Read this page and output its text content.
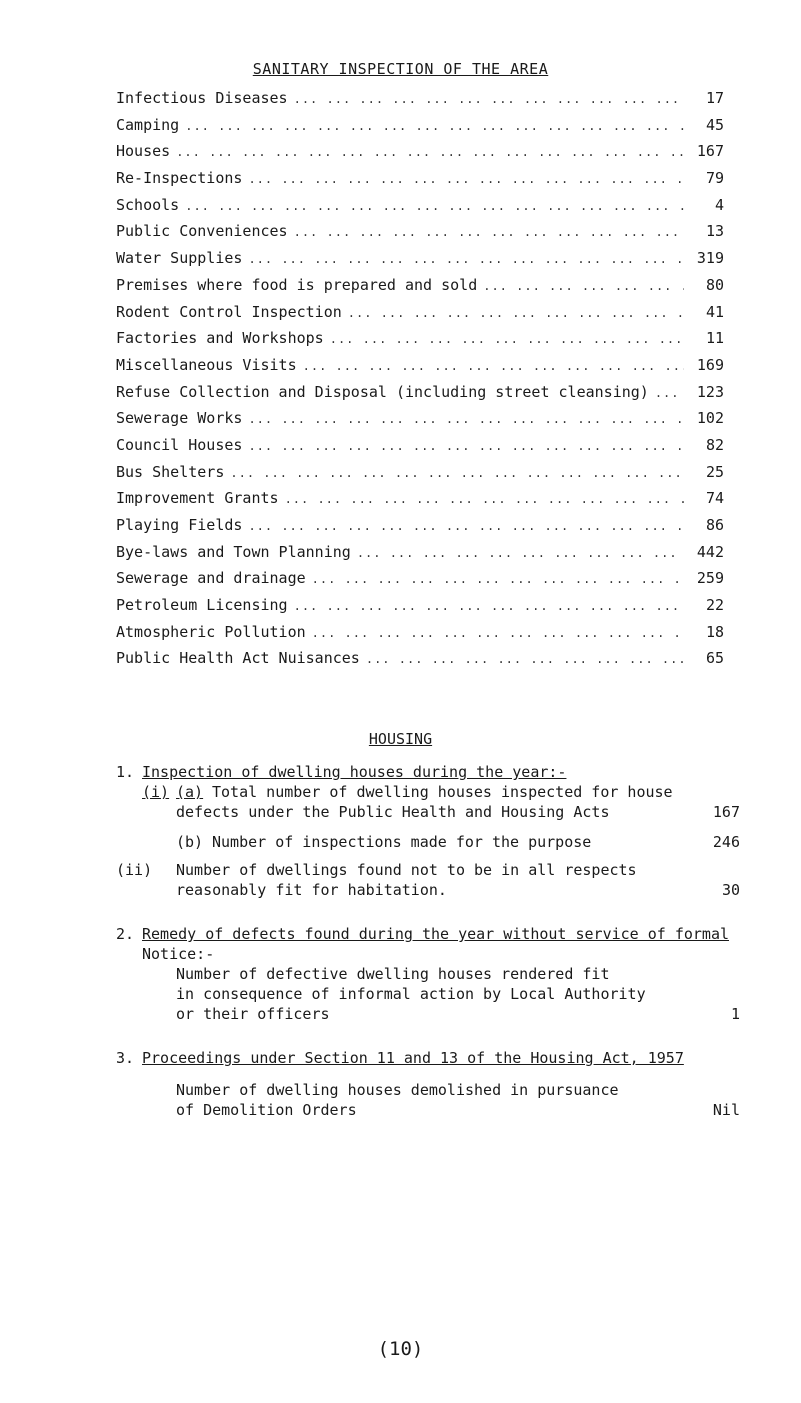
SANITARY INSPECTION OF THE AREA
Infectious Diseases ... .	17
Camping ... .	45
Houses ... .	167
Re-Inspections ... .	79
Schools ... .	4
Public Conveniences ... .	13
Water Supplies ... .	319
Premises where food is prepared and sold ... .	80
Rodent Control Inspection ... .	41
Factories and Workshops ... .	11
Miscellaneous Visits ... .	169
Refuse Collection and Disposal (including street cleansing) ... .	123
Sewerage Works ... .	102
Council Houses ... .	82
Bus Shelters ... .	25
Improvement Grants ... .	74
Playing Fields ... .	86
Bye-laws and Town Planning ... .	442
Sewerage and drainage ... .	259
Petroleum Licensing ... .	22
Atmospheric Pollution ... .	18
Public Health Act Nuisances ... .	65
HOUSING
1. Inspection of dwelling houses during the year:-
(i) (a) Total number of dwelling houses inspected for house
defects under the Public Health and Housing Acts	167
(b) Number of inspections made for the purpose	246
(ii) Number of dwellings found not to be in all respects
reasonably fit for habitation.	30
2. Remedy of defects found during the year without service of formal
Notice:-
Number of defective dwelling houses rendered fit
in consequence of informal action by Local Authority
or their officers	1
3. Proceedings under Section 11 and 13 of the Housing Act, 1957
Number of dwelling houses demolished in pursuance
of Demolition Orders	Nil
(10)
